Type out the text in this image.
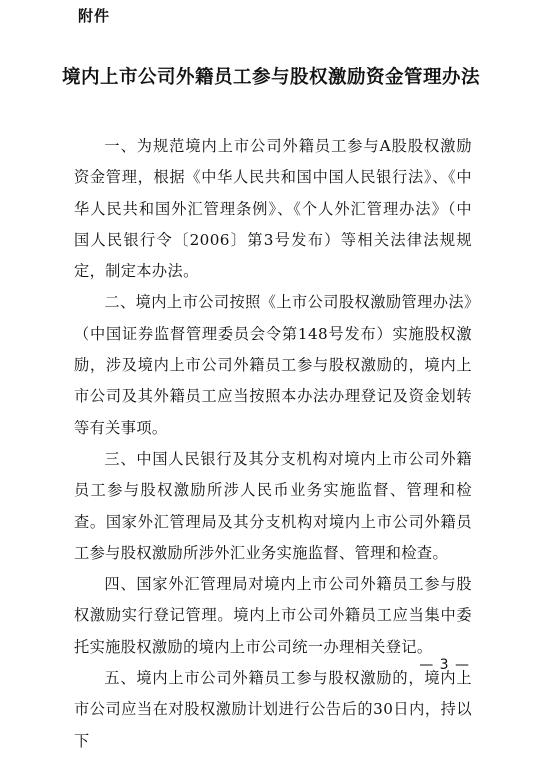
附件
境内上市公司外籍员工参与股权激励资金管理办法

一、为规范境内上市公司外籍员工参与A股股权激励资金管理，根据《中华人民共和国中国人民银行法》、《中华人民共和国外汇管理条例》、《个人外汇管理办法》（中国人民银行令〔2006〕第3号发布）等相关法律法规规定，制定本办法。

二、境内上市公司按照《上市公司股权激励管理办法》（中国证券监督管理委员会令第148号发布）实施股权激励，涉及境内上市公司外籍员工参与股权激励的，境内上市公司及其外籍员工应当按照本办法办理登记及资金划转等有关事项。

三、中国人民银行及其分支机构对境内上市公司外籍员工参与股权激励所涉人民币业务实施监督、管理和检查。国家外汇管理局及其分支机构对境内上市公司外籍员工参与股权激励所涉外汇业务实施监督、管理和检查。

四、国家外汇管理局对境内上市公司外籍员工参与股权激励实行登记管理。境内上市公司外籍员工应当集中委托实施股权激励的境内上市公司统一办理相关登记。

五、境内上市公司外籍员工参与股权激励的，境内上市公司应当在对股权激励计划进行公告后的30日内，持以下

— 3 —
